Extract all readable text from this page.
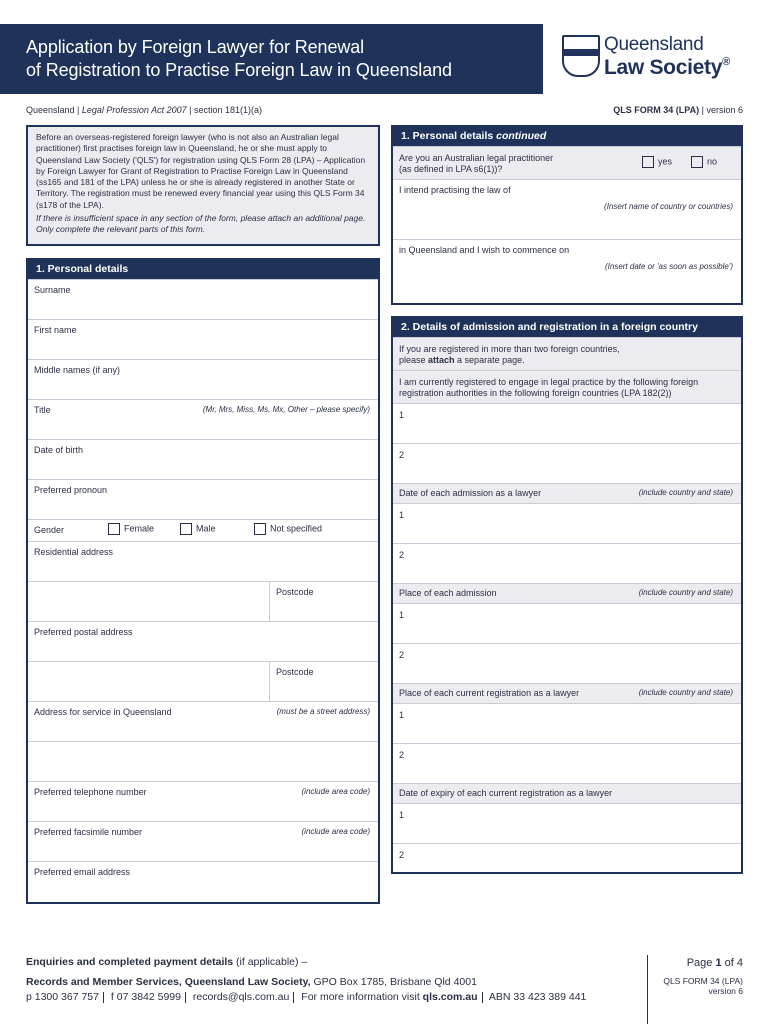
Application by Foreign Lawyer for Renewal
of Registration to Practise Foreign Law in Queensland
Queensland
Law Society®
Queensland | Legal Profession Act 2007 | section 181(1)(a)	QLS FORM 34 (LPA) | version 6
Before an overseas-registered foreign lawyer (who is not also an Australian legal practitioner) first practises foreign law in Queensland, he or she must apply to Queensland Law Society ('QLS') for registration using QLS Form 28 (LPA) – Application by Foreign Lawyer for Grant of Registration to Practise Foreign Law in Queensland (ss165 and 181 of the LPA) unless he or she is already registered in another State or Territory. The registration must be renewed every financial year using this QLS Form 34 (s178 of the LPA).
If there is insufficient space in any section of the form, please attach an additional page. Only complete the relevant parts of this form.
1. Personal details
Surname
First name
Middle names (if any)
Title	(Mr, Mrs, Miss, Ms, Mx, Other – please specify)
Date of birth
Preferred pronoun
Gender	Female	Male	Not specified
Residential address
Postcode
Preferred postal address
Postcode
Address for service in Queensland	(must be a street address)
Preferred telephone number	(include area code)
Preferred facsimile number	(include area code)
Preferred email address
1. Personal details continued
Are you an Australian legal practitioner
(as defined in LPA s6(1))?
yes	no
I intend practising the law of
(Insert name of country or countries)
in Queensland and I wish to commence on
(Insert date or 'as soon as possible')
2. Details of admission and registration in a foreign country
If you are registered in more than two foreign countries,
please attach a separate page.
I am currently registered to engage in legal practice by the following foreign
registration authorities in the following foreign countries (LPA 182(2))
1
2
Date of each admission as a lawyer	(include country and state)
1
2
Place of each admission	(include country and state)
1
2
Place of each current registration as a lawyer	(include country and state)
1
2
Date of expiry of each current registration as a lawyer
1
2
Enquiries and completed payment details (if applicable) –
Records and Member Services, Queensland Law Society, GPO Box 1785, Brisbane Qld 4001
p 1300 367 757 f 07 3842 5999 records@qls.com.au For more information visit qls.com.au ABN 33 423 389 441
Page 1 of 4
QLS FORM 34 (LPA)
version 6
